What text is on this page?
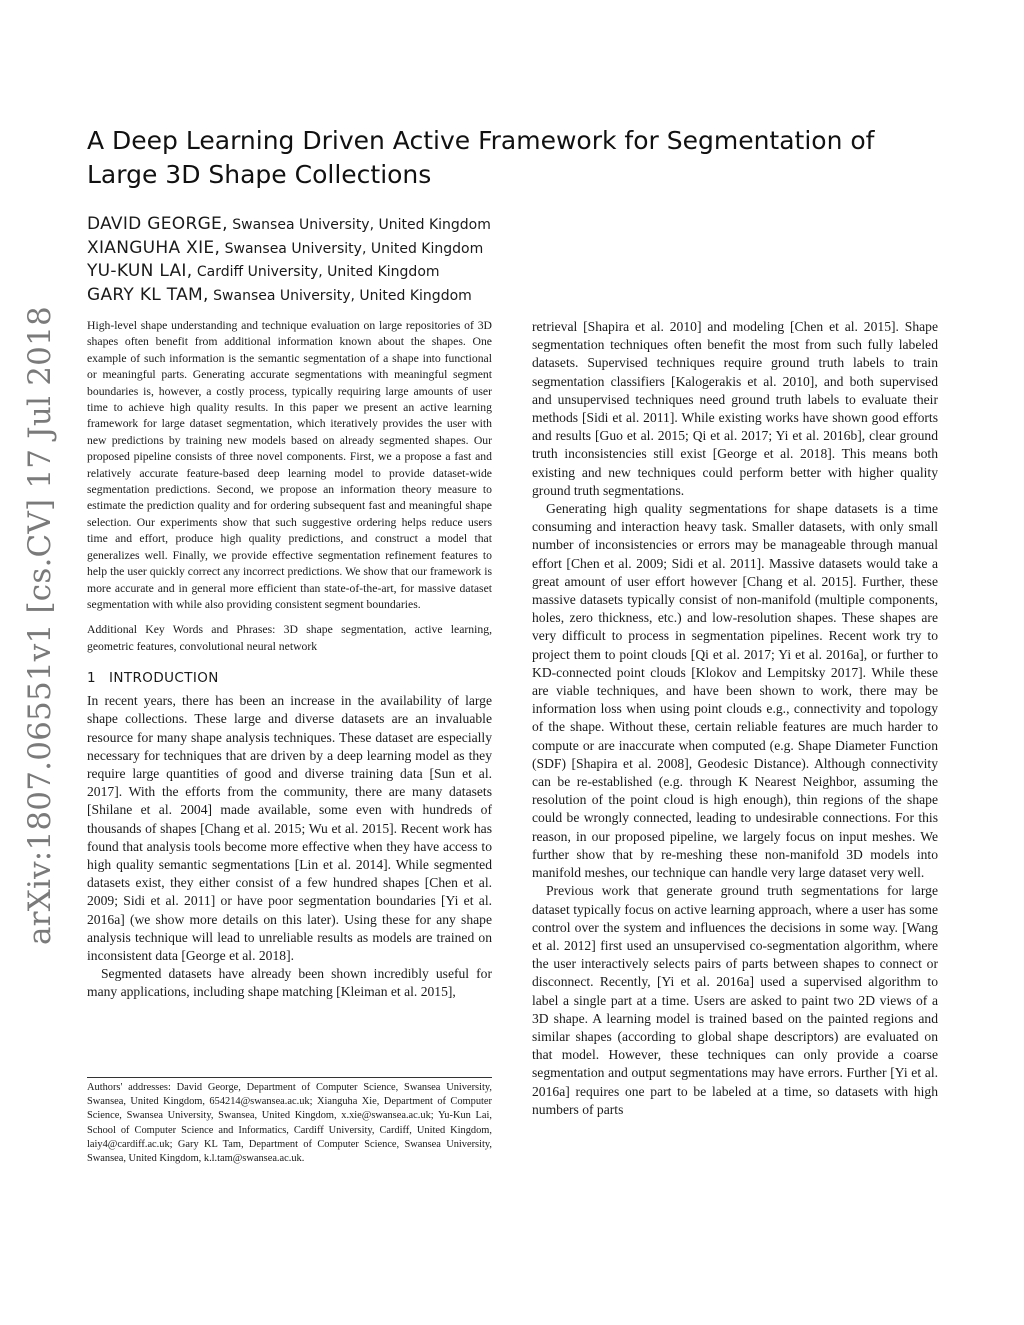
arXiv:1807.06551v1 [cs.CV] 17 Jul 2018
A Deep Learning Driven Active Framework for Segmentation of Large 3D Shape Collections
DAVID GEORGE, Swansea University, United Kingdom
XIANGUHA XIE, Swansea University, United Kingdom
YU-KUN LAI, Cardiff University, United Kingdom
GARY KL TAM, Swansea University, United Kingdom

High-level shape understanding and technique evaluation on large repositories of 3D shapes often benefit from additional information known about the shapes. One example of such information is the semantic segmentation of a shape into functional or meaningful parts. Generating accurate segmentations with meaningful segment boundaries is, however, a costly process, typically requiring large amounts of user time to achieve high quality results. In this paper we present an active learning framework for large dataset segmentation, which iteratively provides the user with new predictions by training new models based on already segmented shapes. Our proposed pipeline consists of three novel components. First, we a propose a fast and relatively accurate feature-based deep learning model to provide dataset-wide segmentation predictions. Second, we propose an information theory measure to estimate the prediction quality and for ordering subsequent fast and meaningful shape selection. Our experiments show that such suggestive ordering helps reduce users time and effort, produce high quality predictions, and construct a model that generalizes well. Finally, we provide effective segmentation refinement features to help the user quickly correct any incorrect predictions. We show that our framework is more accurate and in general more efficient than state-of-the-art, for massive dataset segmentation with while also providing consistent segment boundaries.

Additional Key Words and Phrases: 3D shape segmentation, active learning, geometric features, convolutional neural network

1 INTRODUCTION

In recent years, there has been an increase in the availability of large shape collections. These large and diverse datasets are an invaluable resource for many shape analysis techniques. These dataset are especially necessary for techniques that are driven by a deep learning model as they require large quantities of good and diverse training data [Sun et al. 2017]. With the efforts from the community, there are many datasets [Shilane et al. 2004] made available, some even with hundreds of thousands of shapes [Chang et al. 2015; Wu et al. 2015]. Recent work has found that analysis tools become more effective when they have access to high quality semantic segmentations [Lin et al. 2014]. While segmented datasets exist, they either consist of a few hundred shapes [Chen et al. 2009; Sidi et al. 2011] or have poor segmentation boundaries [Yi et al. 2016a] (we show more details on this later). Using these for any shape analysis technique will lead to unreliable results as models are trained on inconsistent data [George et al. 2018].

Segmented datasets have already been shown incredibly useful for many applications, including shape matching [Kleiman et al. 2015],

Authors' addresses: David George, Department of Computer Science, Swansea University, Swansea, United Kingdom, 654214@swansea.ac.uk; Xianguha Xie, Department of Computer Science, Swansea University, Swansea, United Kingdom, x.xie@swansea.ac.uk; Yu-Kun Lai, School of Computer Science and Informatics, Cardiff University, Cardiff, United Kingdom, laiy4@cardiff.ac.uk; Gary KL Tam, Department of Computer Science, Swansea University, Swansea, United Kingdom, k.l.tam@swansea.ac.uk.

retrieval [Shapira et al. 2010] and modeling [Chen et al. 2015]. Shape segmentation techniques often benefit the most from such fully labeled datasets. Supervised techniques require ground truth labels to train segmentation classifiers [Kalogerakis et al. 2010], and both supervised and unsupervised techniques need ground truth labels to evaluate their methods [Sidi et al. 2011]. While existing works have shown good efforts and results [Guo et al. 2015; Qi et al. 2017; Yi et al. 2016b], clear ground truth inconsistencies still exist [George et al. 2018]. This means both existing and new techniques could perform better with higher quality ground truth segmentations.

Generating high quality segmentations for shape datasets is a time consuming and interaction heavy task. Smaller datasets, with only small number of inconsistencies or errors may be manageable through manual effort [Chen et al. 2009; Sidi et al. 2011]. Massive datasets would take a great amount of user effort however [Chang et al. 2015]. Further, these massive datasets typically consist of non-manifold (multiple components, holes, zero thickness, etc.) and low-resolution shapes. These shapes are very difficult to process in segmentation pipelines. Recent work try to project them to point clouds [Qi et al. 2017; Yi et al. 2016a], or further to KD-connected point clouds [Klokov and Lempitsky 2017]. While these are viable techniques, and have been shown to work, there may be information loss when using point clouds e.g., connectivity and topology of the shape. Without these, certain reliable features are much harder to compute or are inaccurate when computed (e.g. Shape Diameter Function (SDF) [Shapira et al. 2008], Geodesic Distance). Although connectivity can be re-established (e.g. through K Nearest Neighbor, assuming the resolution of the point cloud is high enough), thin regions of the shape could be wrongly connected, leading to undesirable connections. For this reason, in our proposed pipeline, we largely focus on input meshes. We further show that by re-meshing these non-manifold 3D models into manifold meshes, our technique can handle very large dataset very well.

Previous work that generate ground truth segmentations for large dataset typically focus on active learning approach, where a user has some control over the system and influences the decisions in some way. [Wang et al. 2012] first used an unsupervised co-segmentation algorithm, where the user interactively selects pairs of parts between shapes to connect or disconnect. Recently, [Yi et al. 2016a] used a supervised algorithm to label a single part at a time. Users are asked to paint two 2D views of a 3D shape. A learning model is trained based on the painted regions and similar shapes (according to global shape descriptors) are evaluated on that model. However, these techniques can only provide a coarse segmentation and output segmentations may have errors. Further [Yi et al. 2016a] requires one part to be labeled at a time, so datasets with high numbers of parts
